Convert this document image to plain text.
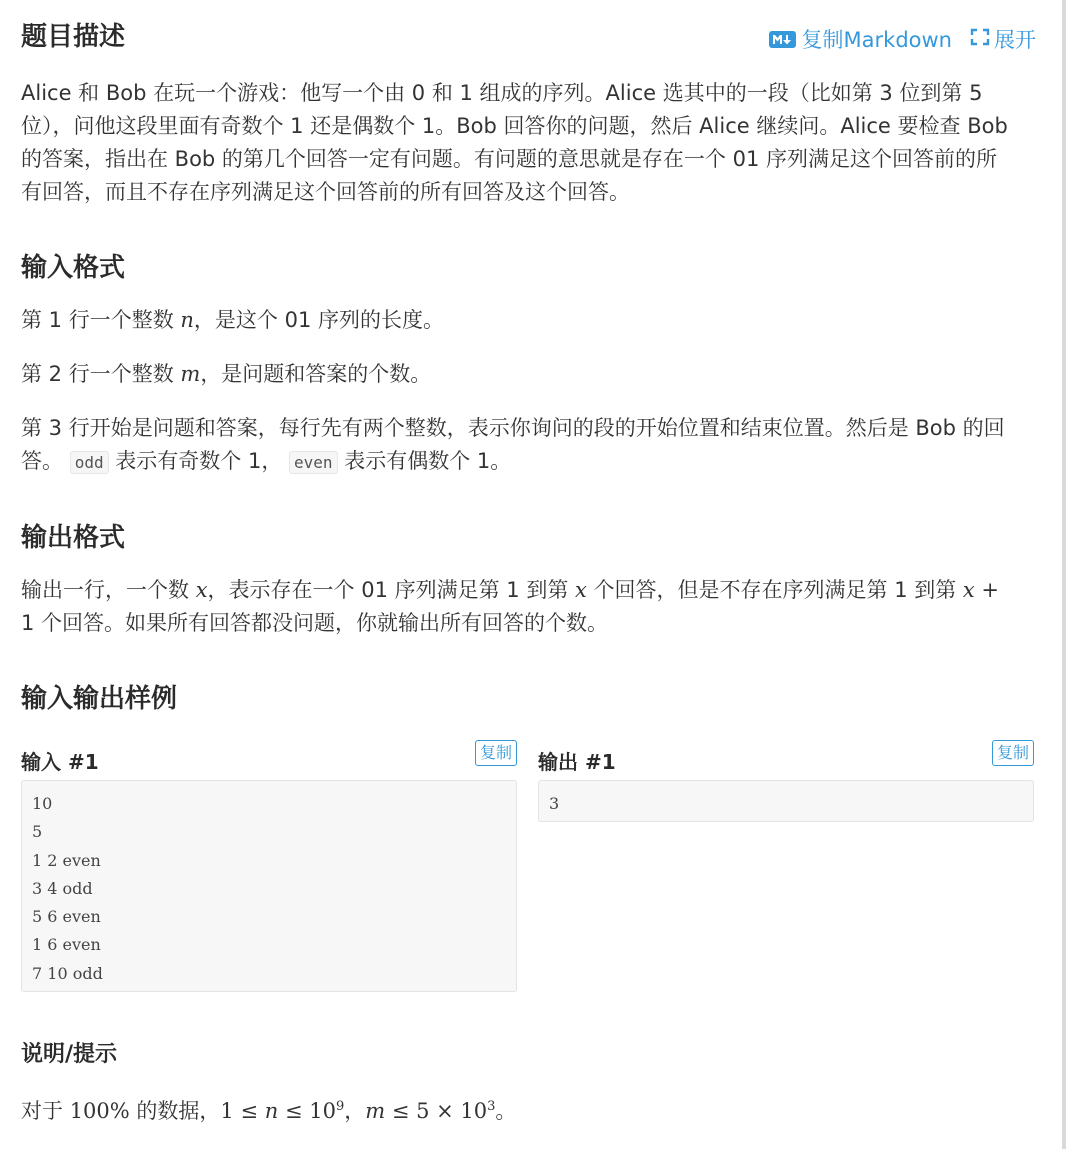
题目描述	复制Markdown 展开

Alice 和 Bob 在玩一个游戏：他写一个由 0 和 1 组成的序列。Alice 选其中的一段（比如第 3 位到第 5

位），问他这段里面有奇数个 1 还是偶数个 1。Bob 回答你的问题，然后 Alice 继续问。Alice 要检查 Bob

的答案，指出在 Bob 的第几个回答一定有问题。有问题的意思就是存在一个 01 序列满足这个回答前的所

有回答，而且不存在序列满足这个回答前的所有回答及这个回答。

输入格式

第 1 行一个整数 n，是这个 01 序列的长度。

第 2 行一个整数 m，是问题和答案的个数。

第 3 行开始是问题和答案，每行先有两个整数，表示你询问的段的开始位置和结束位置。然后是 Bob 的回
答。 odd 表示有奇数个 1， even 表示有偶数个 1。

输出格式

输出一行，一个数 x，表示存在一个 01 序列满足第 1 到第 x 个回答，但是不存在序列满足第 1 到第 x +

1 个回答。如果所有回答都没问题，你就输出所有回答的个数。

输入输出样例
说明/提示

对于 100% 的数据，$1 \le n \le 10^9$，$m \le 5 \times 10^3$。

输入 #1	复制
10
5
1 2 even
3 4 odd
5 6 even
1 6 even
7 10 odd
输出 #1	复制
3
